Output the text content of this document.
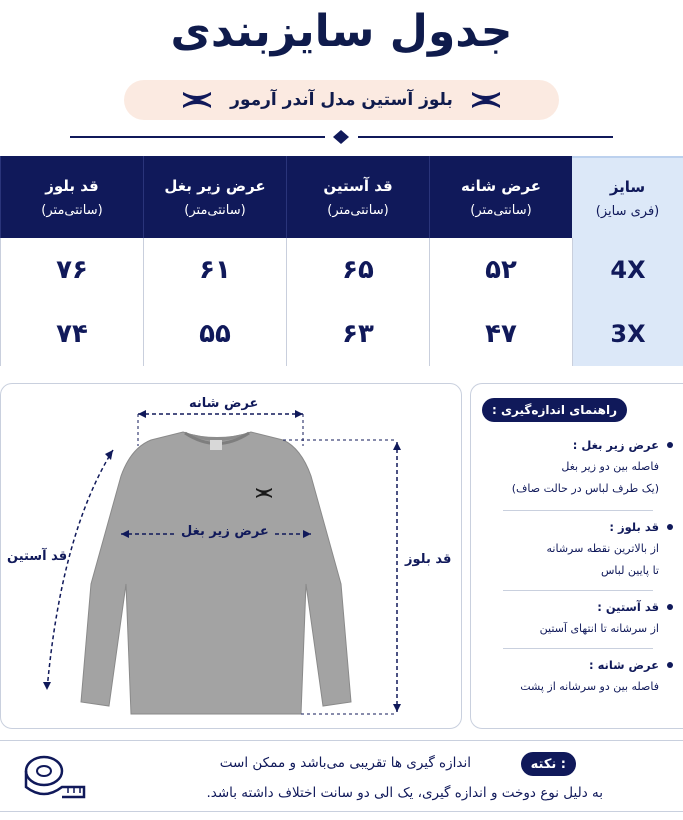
جدول سایزبندی
بلوز آستین مدل آندر آرمور
سایز
(فری سایز)
عرض شانه
(سانتی‌متر)
قد آستین
(سانتی‌متر)
عرض زیر بغل
(سانتی‌متر)
قد بلوز
(سانتی‌متر)
4X
۵۲
۶۵
۶۱
۷۶
3X
۴۷
۶۳
۵۵
۷۴
عرض شانه
عرض زیر بغل
قد آستین	قد بلوز
راهنمای اندازه‌گیری :
عرض زیر بغل :
فاصله بین دو زیر بغل
(یک طرف لباس در حالت صاف)
قد بلوز :
از بالاترین نقطه سرشانه
تا پایین لباس
قد آستین :
از سرشانه تا انتهای آستین
عرض شانه :
فاصله بین دو سرشانه از پشت
نکته :
اندازه گیری ها تقریبی می‌باشد و ممکن است
به دلیل نوع دوخت و اندازه گیری، یک الی دو سانت اختلاف داشته باشد.
